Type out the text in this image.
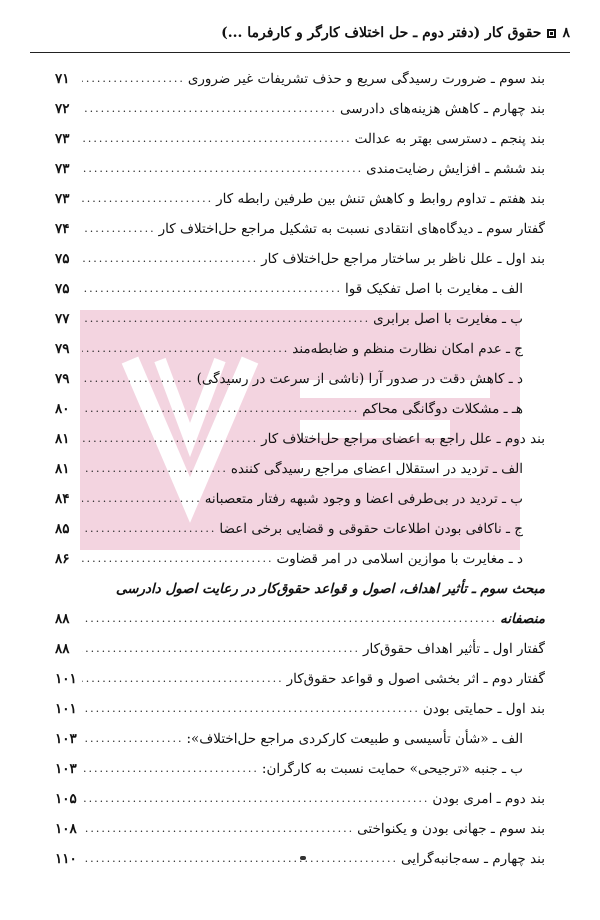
۸
حقوق کار (دفتر دوم ـ حل اختلاف کارگر و کارفرما ...)
بند سوم ـ ضرورت رسیدگی سریع و حذف تشریفات غیر ضروری
.....
۷۱
بند چهارم ـ کاهش هزینه‌های دادرسی
.....
۷۲
بند پنجم ـ دسترسی بهتر به عدالت
.....
۷۳
بند ششم ـ افزایش رضایت‌مندی
.....
۷۳
بند هفتم ـ تداوم روابط و کاهش تنش بین طرفین رابطه کار
.....
۷۳
گفتار سوم ـ دیدگاه‌های انتقادی نسبت به تشکیل مراجع حل‌اختلاف کار
.....
۷۴
بند اول ـ علل ناظر بر ساختار مراجع حل‌اختلاف کار
.....
۷۵
الف ـ مغایرت با اصل تفکیک قوا
.....
۷۵
ب ـ مغایرت با اصل برابری
.....
۷۷
ج ـ عدم امکان نظارت منظم و ضابطه‌مند
.....
۷۹
د ـ کاهش دقت در صدور آرا (ناشی از سرعت در رسیدگی)
.....
۷۹
هـ ـ مشکلات دوگانگی محاکم
.....
۸۰
بند دوم ـ علل راجع به اعضای مراجع حل‌اختلاف کار
.....
۸۱
الف ـ تردید در استقلال اعضای مراجع رسیدگی کننده
.....
۸۱
ب ـ تردید در بی‌طرفی اعضا و وجود شبهه رفتار متعصبانه
.....
۸۴
ج ـ ناکافی بودن اطلاعات حقوقی و قضایی برخی اعضا
.....
۸۵
د ـ مغایرت با موازین اسلامی در امر قضاوت
.....
۸۶
مبحث سوم ـ تأثیر اهداف، اصول و قواعد حقوق‌کار در رعایت اصول دادرسی
منصفانه
.....
۸۸
گفتار اول ـ تأثیر اهداف حقوق‌کار
.....
۸۸
گفتار دوم ـ اثر بخشی اصول و قواعد حقوق‌کار
.....
۱۰۱
بند اول ـ حمایتی بودن
.....
۱۰۱
الف ـ «شأن تأسیسی و طبیعت کارکردی مراجع حل‌اختلاف»:
.....
۱۰۳
ب ـ جنبه «ترجیحی» حمایت نسبت به کارگران:
.....
۱۰۳
بند دوم ـ امری بودن
.....
۱۰۵
بند سوم ـ جهانی بودن و یکنواختی
.....
۱۰۸
بند چهارم ـ سه‌جانبه‌گرایی
.....
۱۱۰
